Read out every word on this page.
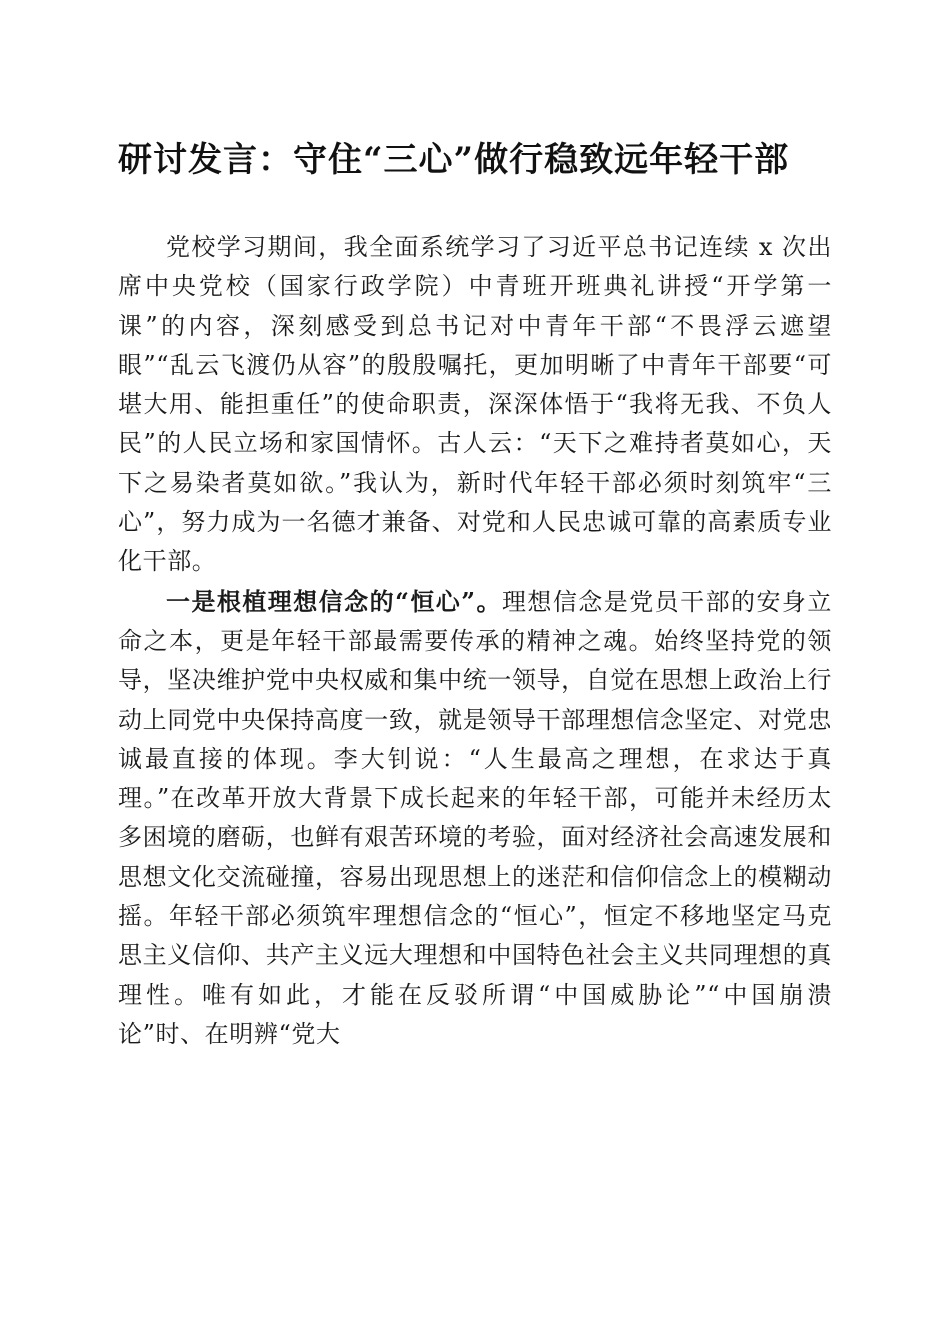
研讨发言：守住“三心”做行稳致远年轻干部

党校学习期间，我全面系统学习了习近平总书记连续 x 次出席中央党校（国家行政学院）中青班开班典礼讲授“开学第一课”的内容，深刻感受到总书记对中青年干部“不畏浮云遮望眼”“乱云飞渡仍从容”的殷殷嘱托，更加明晰了中青年干部要“可堪大用、能担重任”的使命职责，深深体悟于“我将无我、不负人民”的人民立场和家国情怀。古人云：“天下之难持者莫如心，天下之易染者莫如欲。”我认为，新时代年轻干部必须时刻筑牢“三心”，努力成为一名德才兼备、对党和人民忠诚可靠的高素质专业化干部。

一是根植理想信念的“恒心”。理想信念是党员干部的安身立命之本，更是年轻干部最需要传承的精神之魂。始终坚持党的领导，坚决维护党中央权威和集中统一领导，自觉在思想上政治上行动上同党中央保持高度一致，就是领导干部理想信念坚定、对党忠诚最直接的体现。李大钊说：“人生最高之理想，在求达于真理。”在改革开放大背景下成长起来的年轻干部，可能并未经历太多困境的磨砺，也鲜有艰苦环境的考验，面对经济社会高速发展和思想文化交流碰撞，容易出现思想上的迷茫和信仰信念上的模糊动摇。年轻干部必须筑牢理想信念的“恒心”，恒定不移地坚定马克思主义信仰、共产主义远大理想和中国特色社会主义共同理想的真理性。唯有如此，才能在反驳所谓“中国威胁论”“中国崩溃论”时、在明辨“党大
